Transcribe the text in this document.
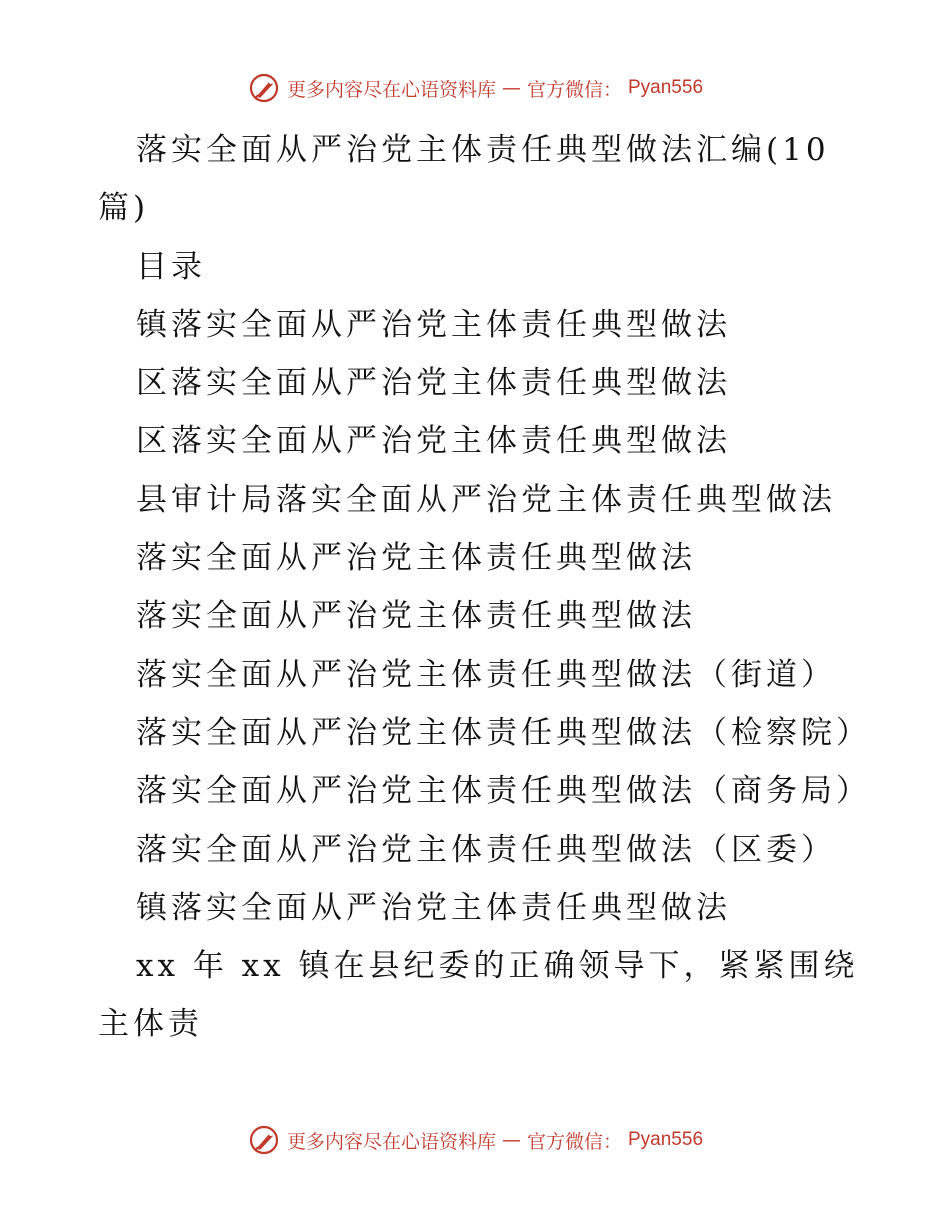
更多内容尽在心语资料库 — 官方微信： Pyan556
落实全面从严治党主体责任典型做法汇编(10
篇)
目录
镇落实全面从严治党主体责任典型做法
区落实全面从严治党主体责任典型做法
区落实全面从严治党主体责任典型做法
县审计局落实全面从严治党主体责任典型做法
落实全面从严治党主体责任典型做法
落实全面从严治党主体责任典型做法
落实全面从严治党主体责任典型做法（街道）
落实全面从严治党主体责任典型做法（检察院）
落实全面从严治党主体责任典型做法（商务局）
落实全面从严治党主体责任典型做法（区委）
镇落实全面从严治党主体责任典型做法
xx 年 xx 镇在县纪委的正确领导下，紧紧围绕
主体责
更多内容尽在心语资料库 — 官方微信： Pyan556
